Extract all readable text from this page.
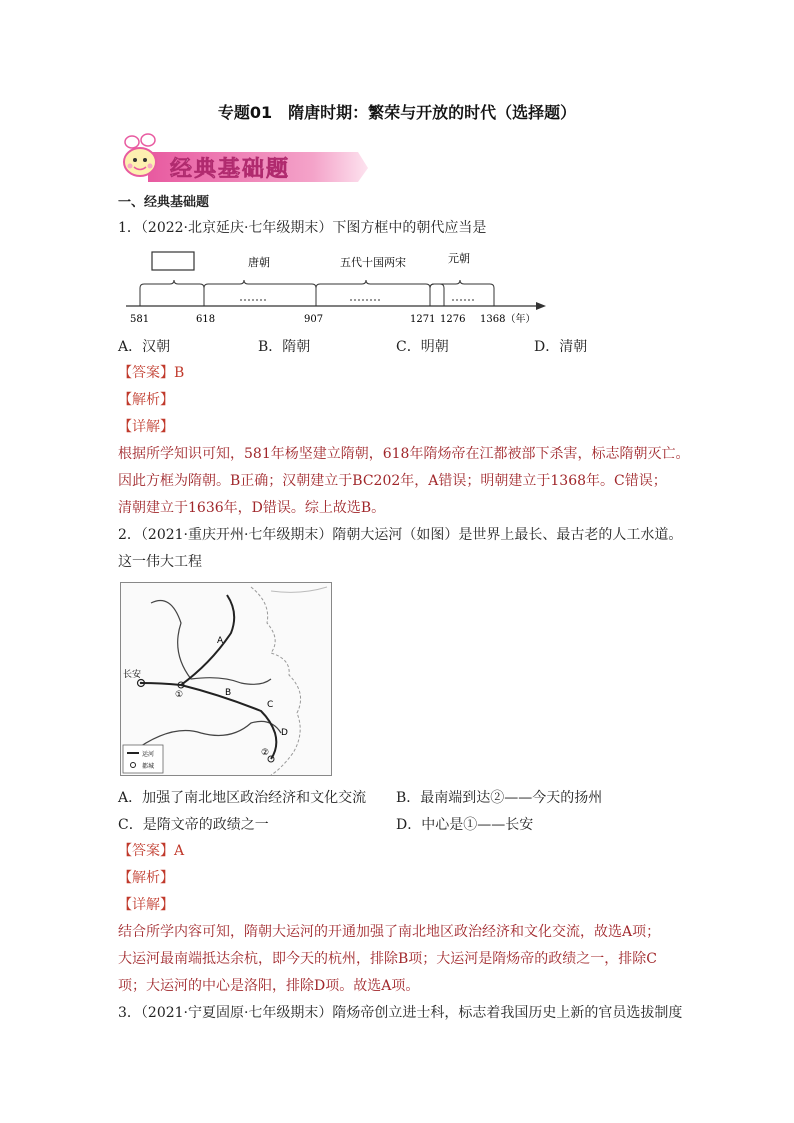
专题01　隋唐时期：繁荣与开放的时代（选择题）
经典基础题
一、经典基础题
1．（2022·北京延庆·七年级期末）下图方框中的朝代应当是
唐朝	五代十国两宋	元朝
581	618	907	1271 1276 1368（年）
A．汉朝	B．隋朝	C．明朝	D．清朝
【答案】B
【解析】
【详解】
根据所学知识可知，581年杨坚建立隋朝，618年隋炀帝在江都被部下杀害，标志隋朝灭亡。
因此方框为隋朝。B正确；汉朝建立于BC202年，A错误；明朝建立于1368年。C错误；
清朝建立于1636年，D错误。综上故选B。
2．（2021·重庆开州·七年级期末）隋朝大运河（如图）是世界上最长、最古老的人工水道。
这一伟大工程
长安
A
B
C
D
①
②
运河
都城
A．加强了南北地区政治经济和文化交流 B．最南端到达②——今天的扬州
C．是隋文帝的政绩之一	D．中心是①——长安
【答案】A
【解析】
【详解】
结合所学内容可知，隋朝大运河的开通加强了南北地区政治经济和文化交流，故选A项；
大运河最南端抵达余杭，即今天的杭州，排除B项；大运河是隋炀帝的政绩之一，排除C
项；大运河的中心是洛阳，排除D项。故选A项。
3．（2021·宁夏固原·七年级期末）隋炀帝创立进士科，标志着我国历史上新的官员选拔制度
